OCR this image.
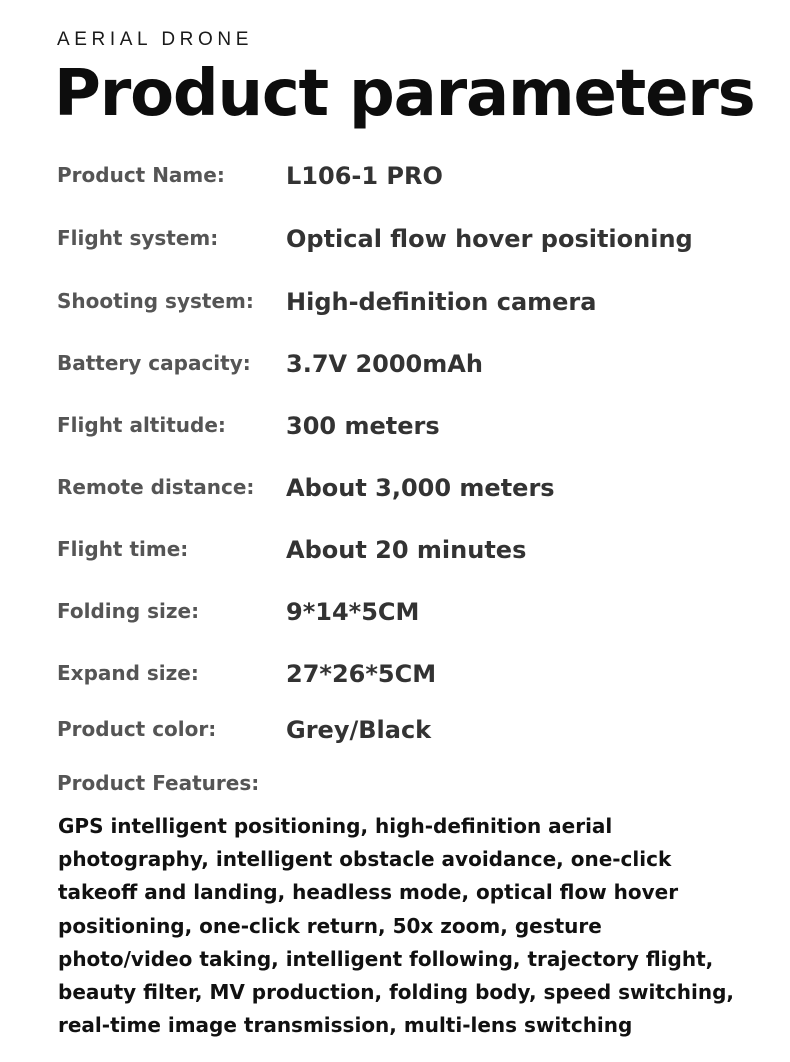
AERIAL DRONE
Product parameters
Product Name:	L106-1 PRO
Flight system:	Optical flow hover positioning
Shooting system: High-definition camera
Battery capacity: 3.7V 2000mAh
Flight altitude:	300 meters
Remote distance: About 3,000 meters
Flight time:	About 20 minutes
Folding size:	9*14*5CM
Expand size:	27*26*5CM
Product color:	Grey/Black
Product Features:
GPS intelligent positioning, high-definition aerial
photography, intelligent obstacle avoidance, one-click
takeoff and landing, headless mode, optical flow hover
positioning, one-click return, 50x zoom, gesture
photo/video taking, intelligent following, trajectory flight,
beauty filter, MV production, folding body, speed switching,
real-time image transmission, multi-lens switching
